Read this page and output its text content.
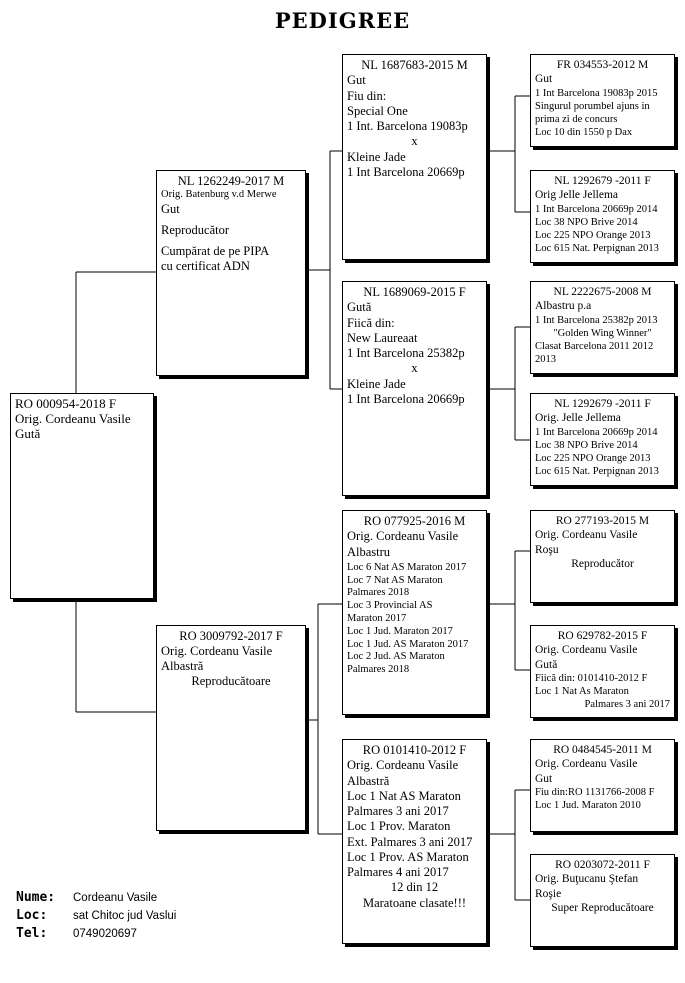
PEDIGREE
RO 000954-2018 F
Orig. Cordeanu Vasile
Gută
NL 1262249-2017 M
Orig. Batenburg v.d Merwe
Gut
Reproducător
Cumpărat de pe PIPA
cu certificat ADN
RO 3009792-2017 F
Orig. Cordeanu Vasile
Albastră
Reproducătoare
NL 1687683-2015 M
Gut
Fiu din:
Special One
1 Int. Barcelona 19083p
x
Kleine Jade
1 Int Barcelona 20669p
NL 1689069-2015 F
Gută
Fiică din:
New Laureaat
1 Int Barcelona 25382p
x
Kleine Jade
1 Int Barcelona 20669p
RO 077925-2016 M
Orig. Cordeanu Vasile
Albastru
Loc 6 Nat AS Maraton 2017
Loc 7 Nat AS Maraton
Palmares 2018
Loc 3 Provincial AS
Maraton 2017
Loc 1 Jud. Maraton 2017
Loc 1 Jud. AS Maraton 2017
Loc 2 Jud. AS Maraton
Palmares 2018
RO 0101410-2012 F
Orig. Cordeanu Vasile
Albastră
Loc 1 Nat AS Maraton
Palmares 3 ani 2017
Loc 1 Prov. Maraton
Ext. Palmares 3 ani 2017
Loc 1 Prov. AS Maraton
Palmares 4 ani 2017
12 din 12
Maratoane clasate!!!
FR 034553-2012 M
Gut
1 Int Barcelona 19083p 2015
Singurul porumbel ajuns in
prima zi de concurs
Loc 10 din 1550 p Dax
NL 1292679 -2011 F
Orig Jelle Jellema
1 Int Barcelona 20669p 2014
Loc 38 NPO Brive 2014
Loc 225 NPO Orange 2013
Loc 615 Nat. Perpignan 2013
NL 2222675-2008 M
Albastru p.a
1 Int Barcelona 25382p 2013
"Golden Wing Winner"
Clasat Barcelona 2011 2012
2013
NL 1292679 -2011 F
Orig. Jelle Jellema
1 Int Barcelona 20669p 2014
Loc 38 NPO Brive 2014
Loc 225 NPO Orange 2013
Loc 615 Nat. Perpignan 2013
RO 277193-2015 M
Orig. Cordeanu Vasile
Roşu
Reproducător
RO 629782-2015 F
Orig. Cordeanu Vasile
Gută
Fiică din: 0101410-2012 F
Loc 1 Nat As Maraton
Palmares 3 ani 2017
RO 0484545-2011 M
Orig. Cordeanu Vasile
Gut
Fiu din:RO 1131766-2008 F
Loc 1 Jud. Maraton 2010
RO 0203072-2011 F
Orig. Buţucanu Ştefan
Roşie
Super Reproducătoare
Nume: Cordeanu Vasile
Loc: sat Chitoc jud Vaslui
Tel: 0749020697
